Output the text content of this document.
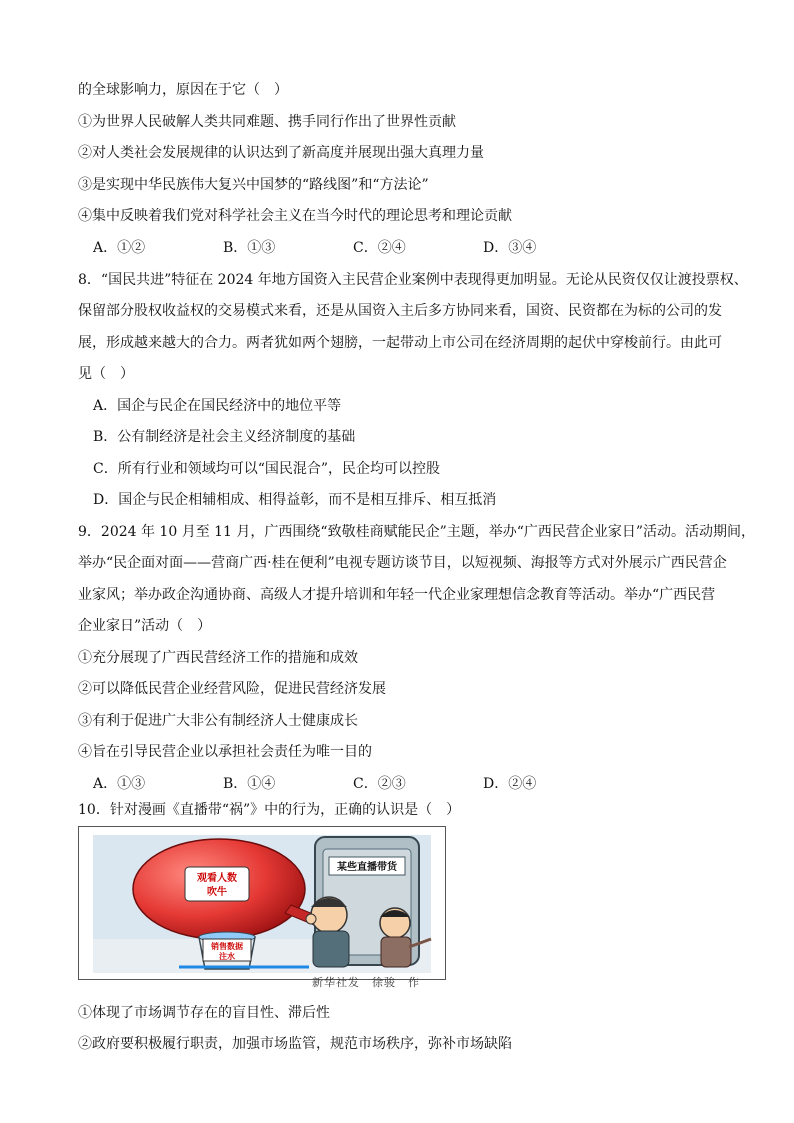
的全球影响力，原因在于它（　）
①为世界人民破解人类共同难题、携手同行作出了世界性贡献
②对人类社会发展规律的认识达到了新高度并展现出强大真理力量
③是实现中华民族伟大复兴中国梦的“路线图”和“方法论”
④集中反映着我们党对科学社会主义在当今时代的理论思考和理论贡献
A．①②	B．①③	C．②④	D．③④
8．“国民共进”特征在 2024 年地方国资入主民营企业案例中表现得更加明显。无论从民资仅仅让渡投票权、
保留部分股权收益权的交易模式来看，还是从国资入主后多方协同来看，国资、民资都在为标的公司的发
展，形成越来越大的合力。两者犹如两个翅膀，一起带动上市公司在经济周期的起伏中穿梭前行。由此可
见（　）
A．国企与民企在国民经济中的地位平等
B．公有制经济是社会主义经济制度的基础
C．所有行业和领域均可以“国民混合”，民企均可以控股
D．国企与民企相辅相成、相得益彰，而不是相互排斥、相互抵消
9．2024 年 10 月至 11 月，广西围绕“致敬桂商赋能民企”主题，举办“广西民营企业家日”活动。活动期间，
举办“民企面对面——营商广西·桂在便利”电视专题访谈节目，以短视频、海报等方式对外展示广西民营企
业家风；举办政企沟通协商、高级人才提升培训和年轻一代企业家理想信念教育等活动。举办“广西民营
企业家日”活动（　）
①充分展现了广西民营经济工作的措施和成效
②可以降低民营企业经营风险，促进民营经济发展
③有利于促进广大非公有制经济人士健康成长
④旨在引导民营企业以承担社会责任为唯一目的
A．①③	B．①④	C．②③	D．②④
10．针对漫画《直播带“祸”》中的行为，正确的认识是（　）
观看人数
吹牛
某些直播带货
销售数据
注水
新华社发　徐骏　作
①体现了市场调节存在的盲目性、滞后性
②政府要积极履行职责，加强市场监管，规范市场秩序，弥补市场缺陷
